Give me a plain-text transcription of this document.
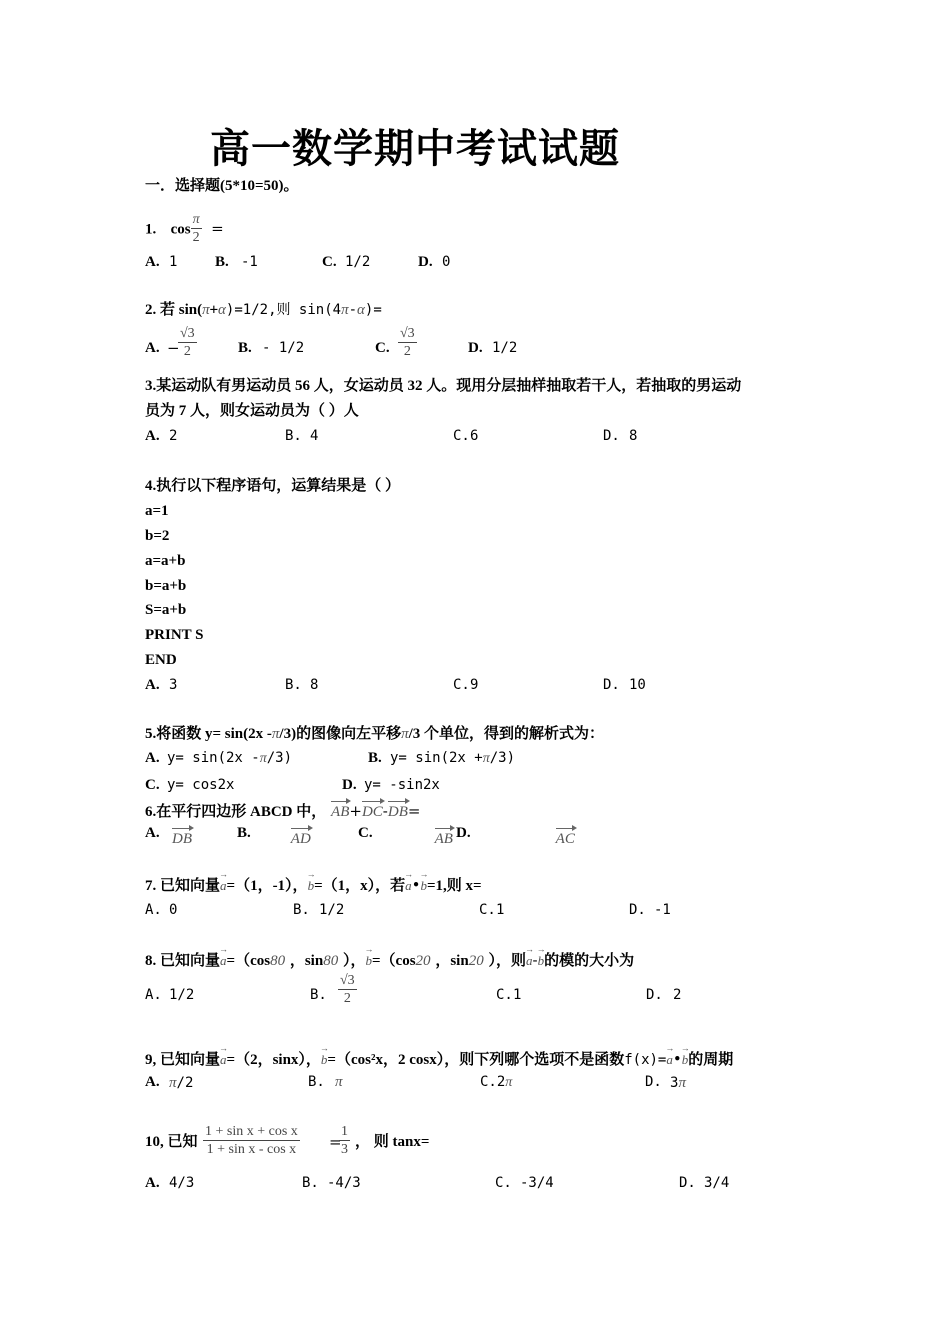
高一数学期中考试试题
一．选择题(5*10=50)。
1. $\cos \frac{\pi}{2}$ =
A. 1	B. -1	C. 1/2	D. 0
2. 若 sin(π+α)=1/2,则 sin(4π-α)=
A. −
$\frac{√3}{2}$	B. - 1/2	C. $\frac{√3}{2}$	D. 1/2
3.某运动队有男运动员 56 人，女运动员 32 人。现用分层抽样抽取若干人，若抽取的男运动
员为 7 人，则女运动员为（ ）人
A. 2	B. 4	C. 6	D. 8
4.执行以下程序语句，运算结果是（ ）
a=1
b=2
a=a+b
b=a+b
S=a+b
PRINT S
END
A. 3	B. 8	C. 9	D. 10
5.将函数 y= sin(2x -π/3)的图像向左平移π/3 个单位，得到的解析式为：
A. y= sin(2x -π/3)	B. y= sin(2x +π/3)
C. y= cos2x	D. y= -sin2x
6.在平行四边形 ABCD 中， AB+DC-DB=
A. DB	B.	AD	C.	AB D.	AC
7. 已知向量→ a=（1，-1），→ b=（1，x），若→ a•→ b=1,则 x=
A. 0	B. 1/2	C. 1	D. -1
8. 已知向量→ a=（cos80 ，sin80 ），→ b=（cos20 ，sin20 ），则→ a-→ b的模的大小为
A. 1/2	B. $\frac{√3}{2}$	C. 1	D. 2
9, 已知向量→ a=（2，sinx），→ b=（cos²x，2 cosx），则下列哪个选项不是函数f(x)=→ a•→ b的周期
A. π/2	B. π	C.2π	D. 3π
10, 已知 $\frac{\text{1 + sin x + cos x}}{\text{1 + sin x - cos x}}$ =
$\frac{1}{3}$ ， 则 tanx=
A. 4/3	B. -4/3	C. -3/4	D. 3/4
